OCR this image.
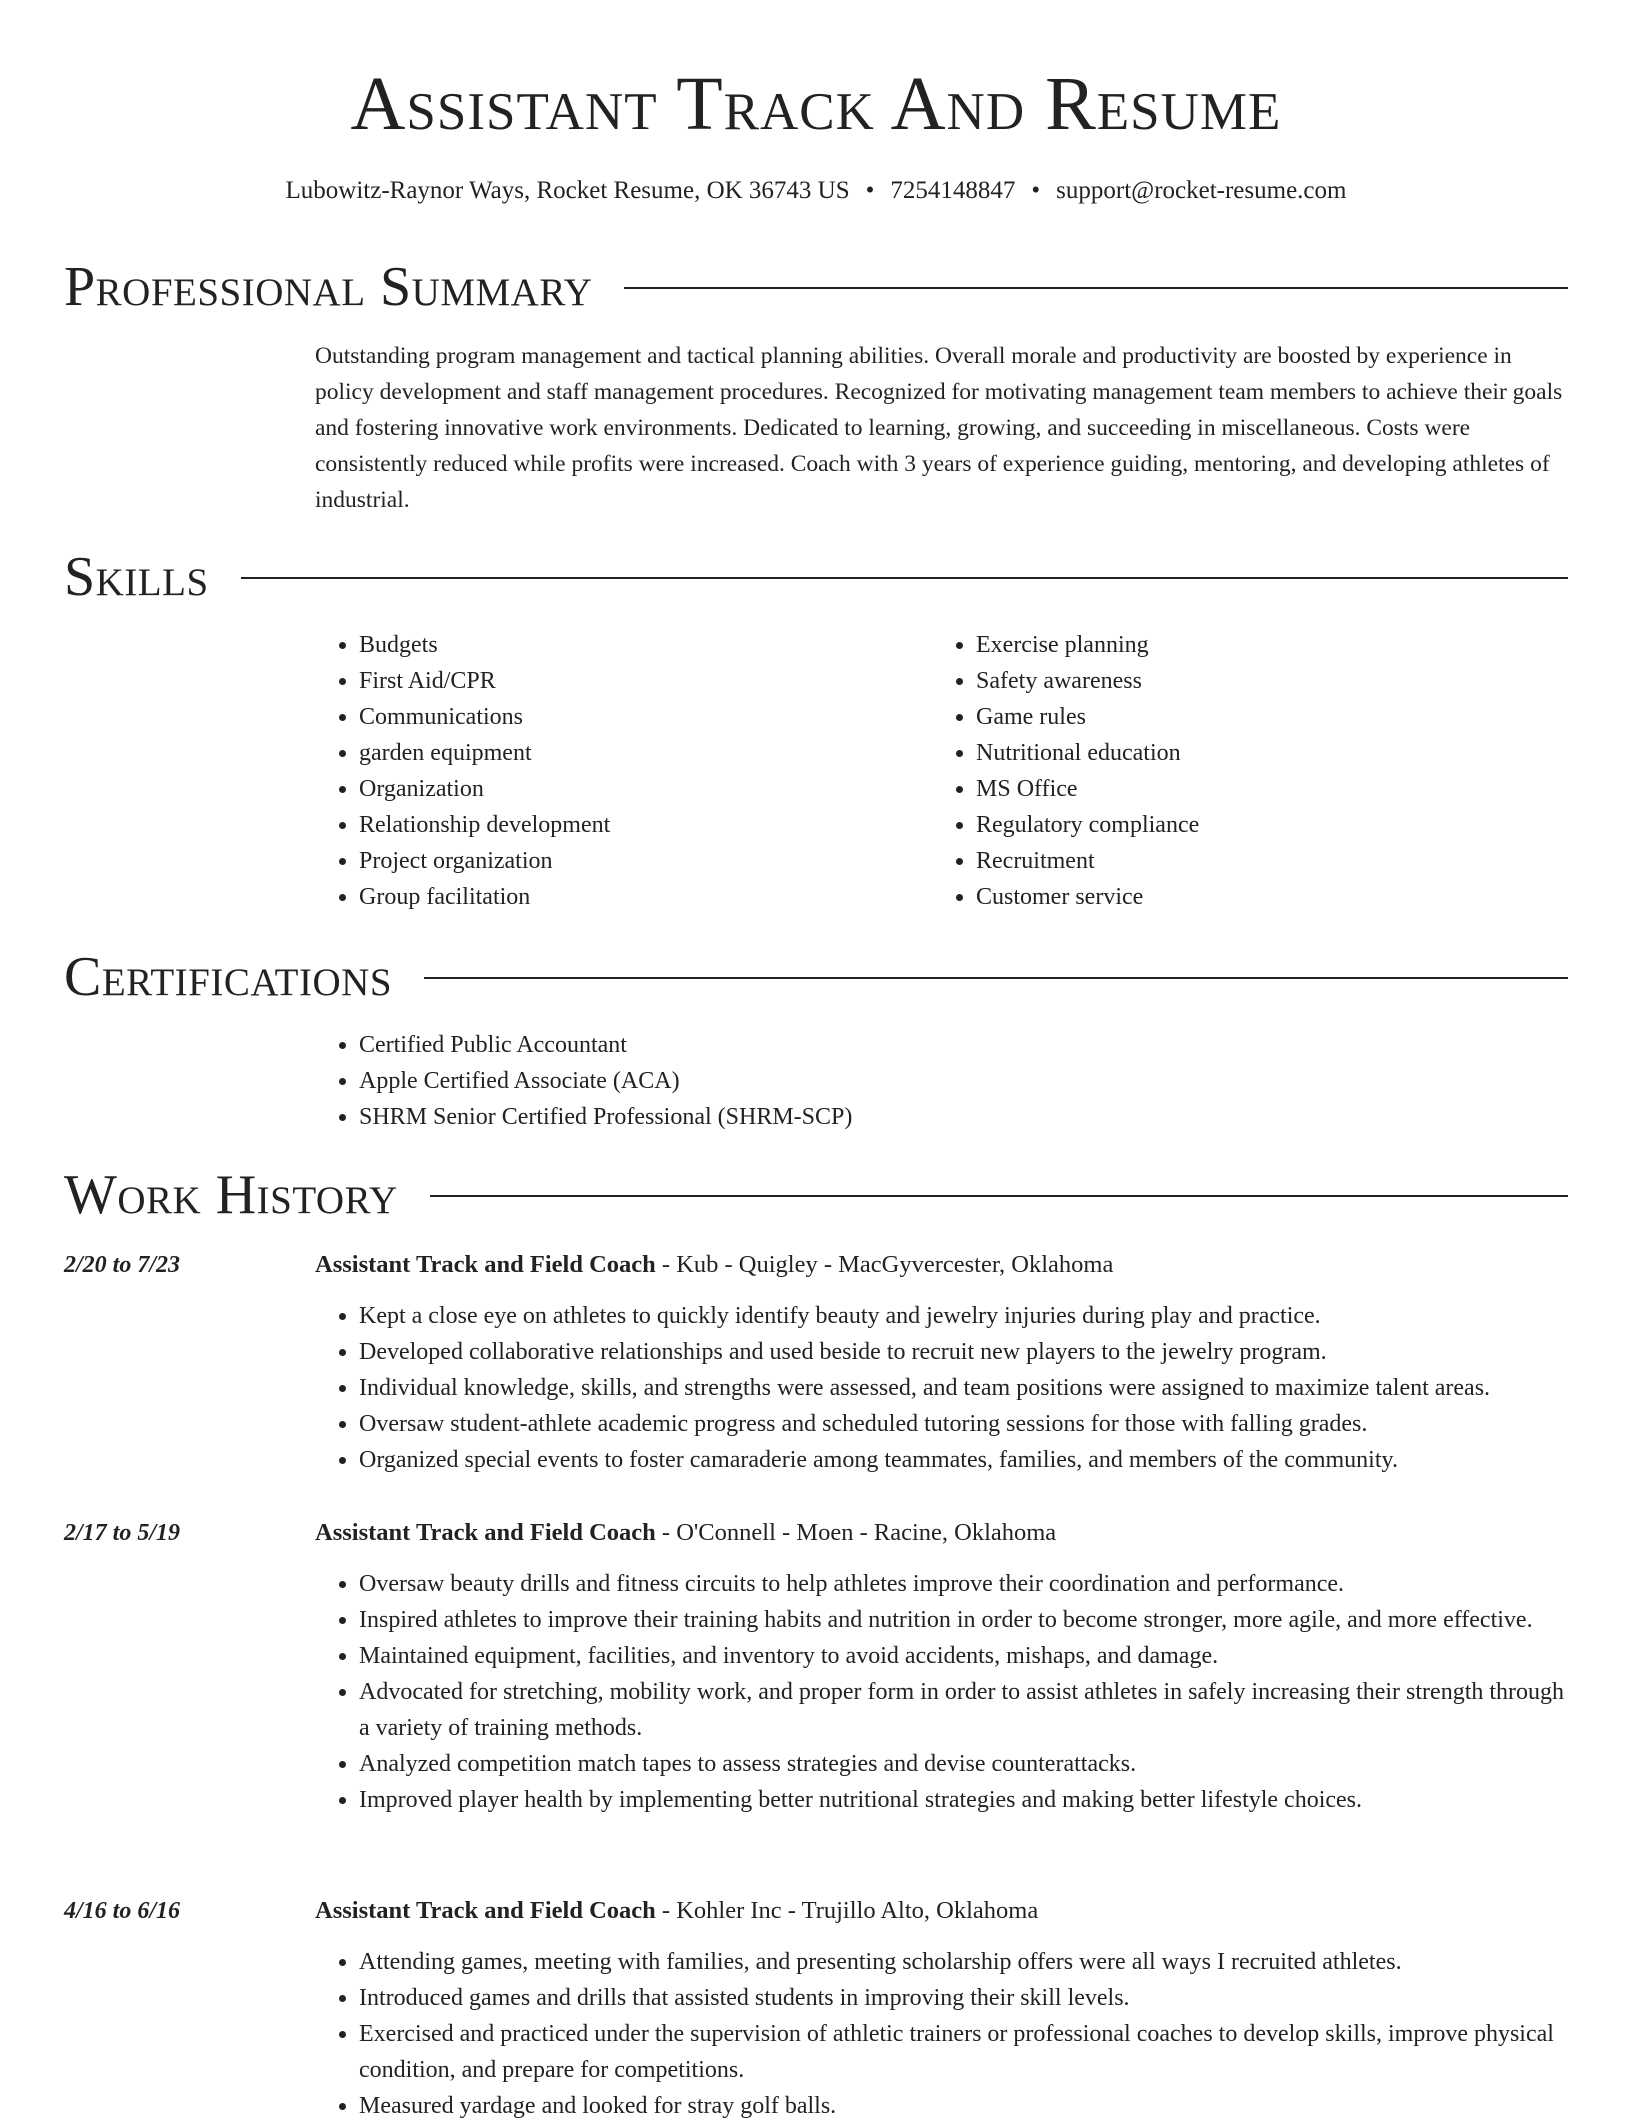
Assistant Track And Resume
Lubowitz-Raynor Ways, Rocket Resume, OK 36743 US • 7254148847 • support@rocket-resume.com
Professional Summary

Outstanding program management and tactical planning abilities. Overall morale and productivity are boosted by experience in policy development and staff management procedures. Recognized for motivating management team members to achieve their goals and fostering innovative work environments. Dedicated to learning, growing, and succeeding in miscellaneous. Costs were consistently reduced while profits were increased. Coach with 3 years of experience guiding, mentoring, and developing athletes of industrial.

Skills
• Budgets
• First Aid/CPR
• Communications
• garden equipment
• Organization
• Relationship development
• Project organization
• Group facilitation
• Exercise planning
• Safety awareness
• Game rules
• Nutritional education
• MS Office
• Regulatory compliance
• Recruitment
• Customer service
Certifications
• Certified Public Accountant
• Apple Certified Associate (ACA)
• SHRM Senior Certified Professional (SHRM-SCP)
Work History
2/20 to 7/23	Assistant Track and Field Coach - Kub - Quigley - MacGyvercester, Oklahoma
• Kept a close eye on athletes to quickly identify beauty and jewelry injuries during play and practice.
• Developed collaborative relationships and used beside to recruit new players to the jewelry program.
• Individual knowledge, skills, and strengths were assessed, and team positions were assigned to maximize talent areas.
• Oversaw student-athlete academic progress and scheduled tutoring sessions for those with falling grades.
• Organized special events to foster camaraderie among teammates, families, and members of the community.
2/17 to 5/19	Assistant Track and Field Coach - O'Connell - Moen - Racine, Oklahoma
• Oversaw beauty drills and fitness circuits to help athletes improve their coordination and performance.
• Inspired athletes to improve their training habits and nutrition in order to become stronger, more agile, and more effective.
• Maintained equipment, facilities, and inventory to avoid accidents, mishaps, and damage.
• Advocated for stretching, mobility work, and proper form in order to assist athletes in safely increasing their strength through a variety of training methods.
• Analyzed competition match tapes to assess strategies and devise counterattacks.
• Improved player health by implementing better nutritional strategies and making better lifestyle choices.
4/16 to 6/16	Assistant Track and Field Coach - Kohler Inc - Trujillo Alto, Oklahoma
• Attending games, meeting with families, and presenting scholarship offers were all ways I recruited athletes.
• Introduced games and drills that assisted students in improving their skill levels.
• Exercised and practiced under the supervision of athletic trainers or professional coaches to develop skills, improve physical condition, and prepare for competitions.
• Measured yardage and looked for stray golf balls.
